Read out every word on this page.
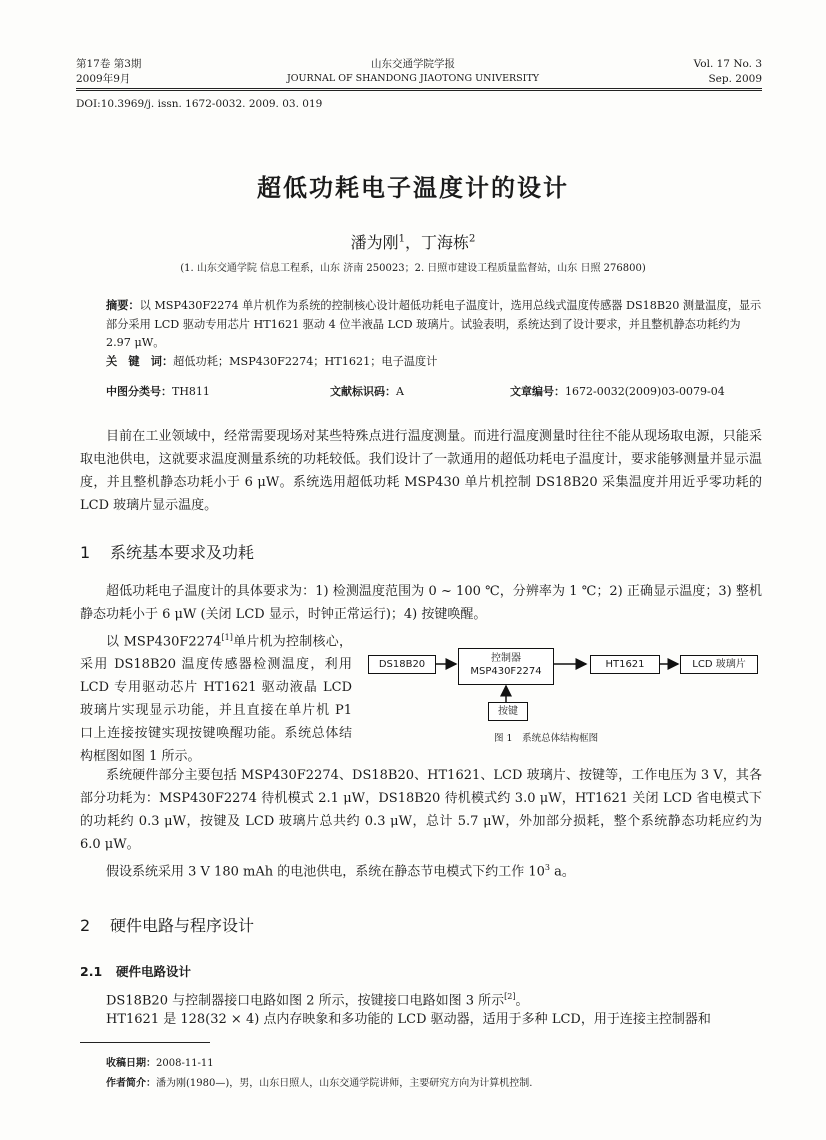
第17卷 第3期
2009年9月
山东交通学院学报
JOURNAL OF SHANDONG JIAOTONG UNIVERSITY
Vol. 17 No. 3
Sep. 2009
DOI:10.3969/j. issn. 1672-0032. 2009. 03. 019
超低功耗电子温度计的设计
潘为刚$^1$，丁海栋$^2$
(1. 山东交通学院 信息工程系，山东 济南 250023；2. 日照市建设工程质量监督站，山东 日照 276800)
摘要：以 MSP430F2274 单片机作为系统的控制核心设计超低功耗电子温度计，选用总线式温度传感器 DS18B20 测量温度，显示部分采用 LCD 驱动专用芯片 HT1621 驱动 4 位半液晶 LCD 玻璃片。试验表明，系统达到了设计要求，并且整机静态功耗约为 2.97 μW。
关　键　词：超低功耗；MSP430F2274；HT1621；电子温度计
中图分类号：TH811	文献标识码：A	文章编号：1672-0032(2009)03-0079-04
目前在工业领域中，经常需要现场对某些特殊点进行温度测量。而进行温度测量时往往不能从现场取电源，只能采取电池供电，这就要求温度测量系统的功耗较低。我们设计了一款通用的超低功耗电子温度计，要求能够测量并显示温度，并且整机静态功耗小于 6 μW。系统选用超低功耗 MSP430 单片机控制 DS18B20 采集温度并用近乎零功耗的 LCD 玻璃片显示温度。
1 系统基本要求及功耗
超低功耗电子温度计的具体要求为：1) 检测温度范围为 0 ~ 100 ℃，分辨率为 1 ℃；2) 正确显示温度；3) 整机静态功耗小于 6 μW (关闭 LCD 显示，时钟正常运行)；4) 按键唤醒。
以 MSP430F2274[1]单片机为控制核心，采用 DS18B20 温度传感器检测温度，利用 LCD 专用驱动芯片 HT1621 驱动液晶 LCD 玻璃片实现显示功能，并且直接在单片机 P1 口上连接按键实现按键唤醒功能。系统总体结构框图如图 1 所示。
DS18B20
控制器
MSP430F2274
HT1621	LCD 玻璃片
按键
图 1　系统总体结构框图
系统硬件部分主要包括 MSP430F2274、DS18B20、HT1621、LCD 玻璃片、按键等，工作电压为 3 V，其各部分功耗为：MSP430F2274 待机模式 2.1 μW，DS18B20 待机模式约 3.0 μW，HT1621 关闭 LCD 省电模式下的功耗约 0.3 μW，按键及 LCD 玻璃片总共约 0.3 μW，总计 5.7 μW，外加部分损耗，整个系统静态功耗应约为 6.0 μW。
假设系统采用 3 V 180 mAh 的电池供电，系统在静态节电模式下约工作 $10^3$ a。
2 硬件电路与程序设计
2.1 硬件电路设计
DS18B20 与控制器接口电路如图 2 所示，按键接口电路如图 3 所示[2]。
HT1621 是 128(32 × 4) 点内存映象和多功能的 LCD 驱动器，适用于多种 LCD，用于连接主控制器和
收稿日期：2008-11-11
作者简介：潘为刚(1980—)，男，山东日照人，山东交通学院讲师，主要研究方向为计算机控制.
